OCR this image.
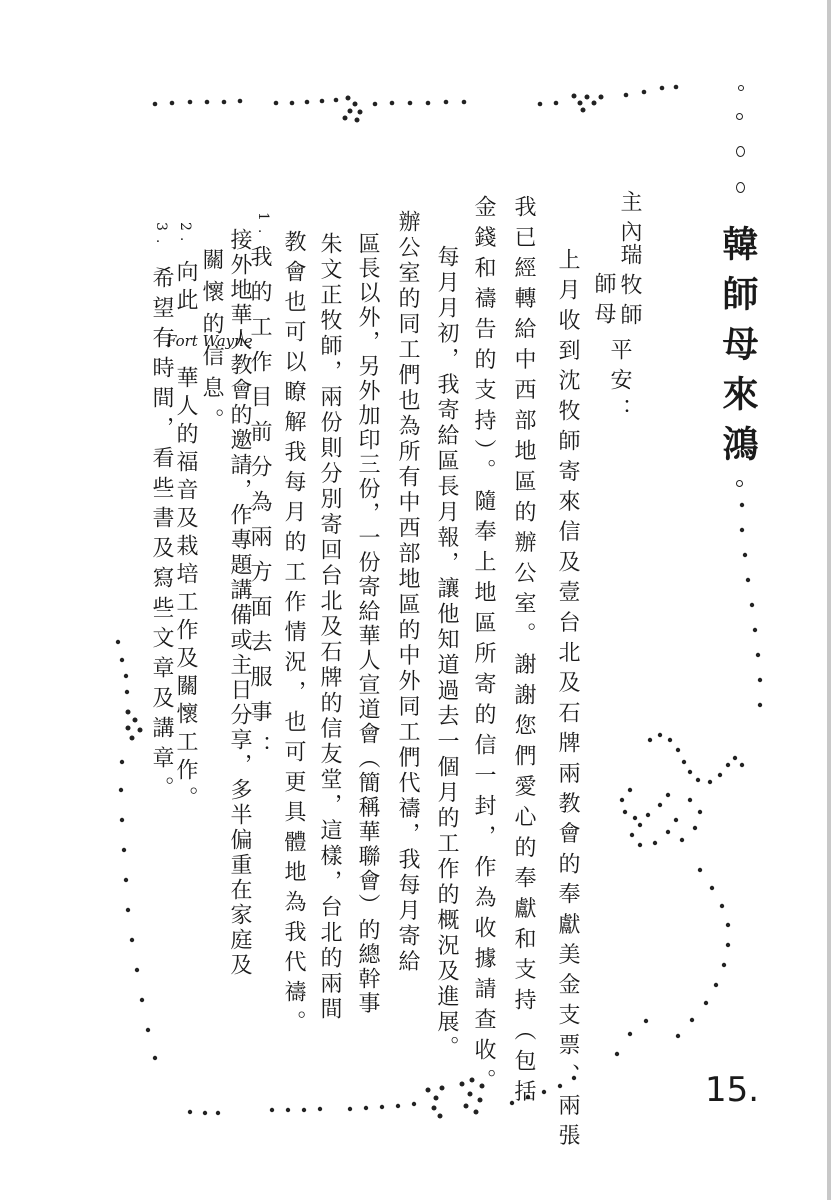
韓師母來鴻
主內
瑞牧師
師母
平安：
上月收到沈牧師寄來信及壹台北及石牌兩教會的奉獻美金支票、兩張
我已經轉給中西部地區的辦公室。謝謝您們愛心的奉獻和支持（包括
金錢和禱告的支持）。隨奉上地區所寄的信一封，作為收據請查收。
每月月初，我寄給區長月報，讓他知道過去一個月的工作的概況及進展。
辦公室的同工們也為所有中西部地區的中外同工們代禱，我每月寄給
區長以外，另外加印三份，一份寄給華人宣道會（簡稱華聯會）的總幹事
朱文正牧師，兩份則分別寄回台北及石牌的信友堂，這樣，台北的兩間
教會也可以瞭解我每月的工作情況，也可更具體地為我代禱。
我的工作目前分為兩方面去服事：
1.
接外地華人教會的邀請，作專題講備或主日分享，多半偏重在家庭及
關懷的信息。
2. 向此 Fort Wayne 華人的福音及栽培工作及關懷工作。
3. 希望有時間，看些書及寫些文章及講章。
15.
